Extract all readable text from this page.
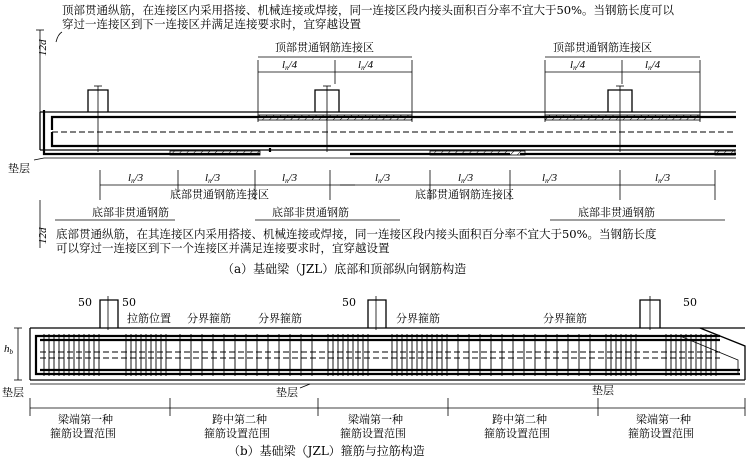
顶部贯通纵筋，在连接区内采用搭接、机械连接或焊接，同一连接区段内接头面积百分率不宜大于50%。当钢筋长度可以
穿过一连接区到下一连接区并满足连接要求时，宜穿越设置
12d	顶部贯通钢筋连接区	顶部贯通钢筋连接区
ln/4	ln/4	ln/4	ln/4
垫层
ln/3	ln/3	ln/3	ln/3	ln/3	ln/3	ln/3
底部贯通钢筋连接区	底部贯通钢筋连接区
底部非贯通钢筋	底部非贯通钢筋	底部非贯通钢筋
12d 底部贯通纵筋，在其连接区内采用搭接、机械连接或焊接，同一连接区段内接头面积百分率不宜大于50%。当钢筋长度
可以穿过一连接区到下一个连接区并满足连接要求时，宜穿越设置
（a）基础梁（JZL）底部和顶部纵向钢筋构造
50	50	50	50
拉筋位置 分界箍筋 分界箍筋	分界箍筋	分界箍筋
hb
垫层	垫层	垫层
梁端第一种
箍筋设置范围
跨中第二种
箍筋设置范围
梁端第一种
箍筋设置范围
跨中第二种
箍筋设置范围
梁端第一种
箍筋设置范围
（b）基础梁（JZL）箍筋与拉筋构造
